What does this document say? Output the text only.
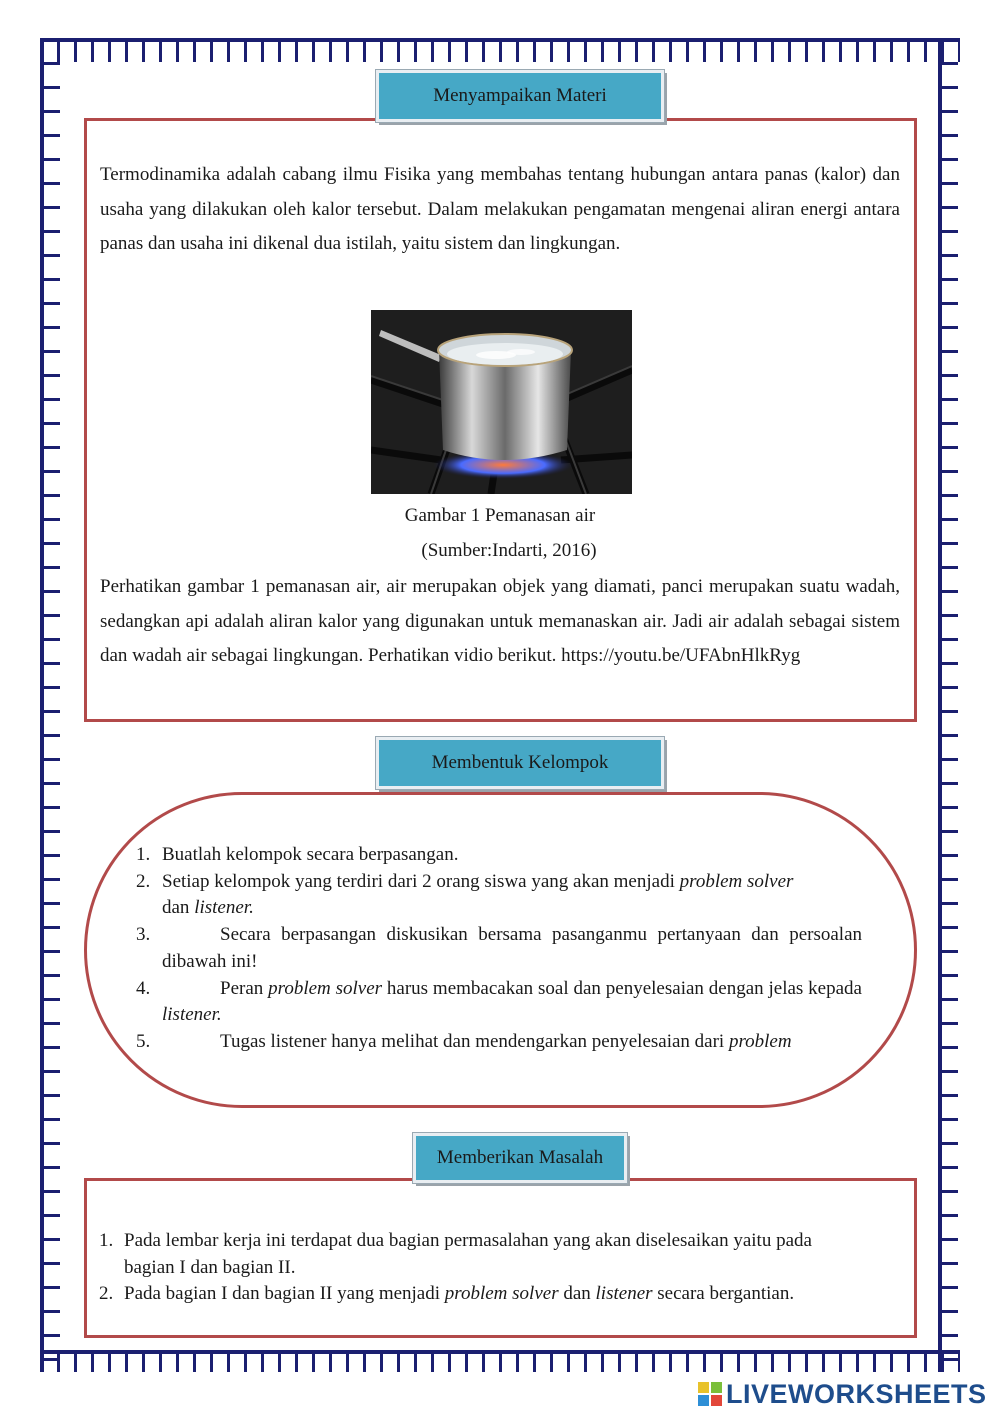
Menyampaikan Materi
Termodinamika adalah cabang ilmu Fisika yang membahas tentang hubungan antara panas (kalor) dan usaha yang dilakukan oleh kalor tersebut. Dalam melakukan pengamatan mengenai aliran energi antara panas dan usaha ini dikenal dua istilah, yaitu sistem dan lingkungan.
Gambar 1 Pemanasan air
(Sumber:Indarti, 2016)
Perhatikan gambar 1 pemanasan air, air merupakan objek yang diamati, panci merupakan suatu wadah, sedangkan api adalah aliran kalor yang digunakan untuk memanaskan air. Jadi air adalah sebagai sistem dan wadah air sebagai lingkungan. Perhatikan vidio berikut. https://youtu.be/UFAbnHlkRyg
Membentuk Kelompok
1. Buatlah kelompok secara berpasangan.
2. Setiap kelompok yang terdiri dari 2 orang siswa yang akan menjadi problem solver
dan listener.
3.	Secara berpasangan diskusikan bersama pasanganmu pertanyaan dan persoalan dibawah ini!
4.	Peran problem solver harus membacakan soal dan penyelesaian dengan jelas kepada listener.
5.	Tugas listener hanya melihat dan mendengarkan penyelesaian dari problem
Memberikan Masalah
1. Pada lembar kerja ini terdapat dua bagian permasalahan yang akan diselesaikan yaitu pada bagian I dan bagian II.
2. Pada bagian I dan bagian II yang menjadi problem solver dan listener secara bergantian.
LIVEWORKSHEETS
